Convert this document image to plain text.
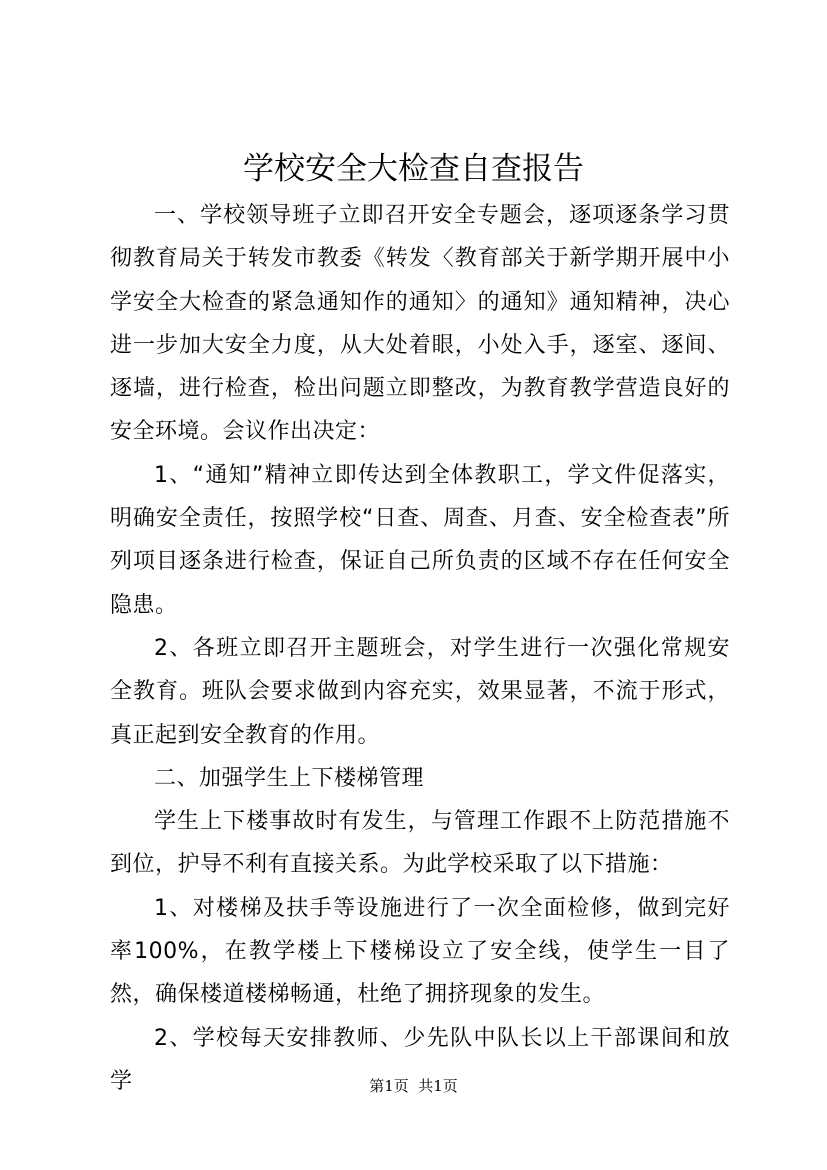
学校安全大检查自查报告

一、学校领导班子立即召开安全专题会，逐项逐条学习贯彻教育局关于转发市教委《转发〈教育部关于新学期开展中小学安全大检查的紧急通知作的通知〉的通知》通知精神，决心进一步加大安全力度，从大处着眼，小处入手，逐室、逐间、逐墙，进行检查，检出问题立即整改，为教育教学营造良好的安全环境。会议作出决定：

1、“通知”精神立即传达到全体教职工，学文件促落实，明确安全责任，按照学校“日查、周查、月查、安全检查表”所列项目逐条进行检查，保证自己所负责的区域不存在任何安全隐患。

2、各班立即召开主题班会，对学生进行一次强化常规安全教育。班队会要求做到内容充实，效果显著，不流于形式，真正起到安全教育的作用。

二、加强学生上下楼梯管理

学生上下楼事故时有发生，与管理工作跟不上防范措施不到位，护导不利有直接关系。为此学校采取了以下措施：

1、对楼梯及扶手等设施进行了一次全面检修，做到完好率100%，在教学楼上下楼梯设立了安全线，使学生一目了然，确保楼道楼梯畅通，杜绝了拥挤现象的发生。

2、学校每天安排教师、少先队中队长以上干部课间和放学	第1页  共1页
